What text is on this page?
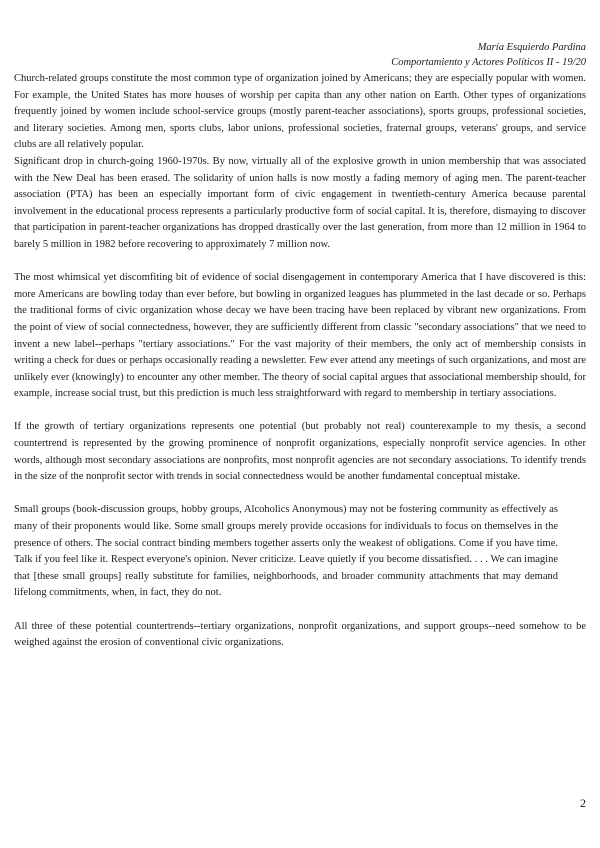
María Esquierdo Pardina
Comportamiento y Actores Políticos II - 19/20

Church-related groups constitute the most common type of organization joined by Americans; they are especially popular with women. For example, the United States has more houses of worship per capita than any other nation on Earth. Other types of organizations frequently joined by women include school-service groups (mostly parent-teacher associations), sports groups, professional societies, and literary societies. Among men, sports clubs, labor unions, professional societies, fraternal groups, veterans' groups, and service clubs are all relatively popular.

Significant drop in church-going 1960-1970s. By now, virtually all of the explosive growth in union membership that was associated with the New Deal has been erased. The solidarity of union halls is now mostly a fading memory of aging men. The parent-teacher association (PTA) has been an especially important form of civic engagement in twentieth-century America because parental involvement in the educational process represents a particularly productive form of social capital. It is, therefore, dismaying to discover that participation in parent-teacher organizations has dropped drastically over the last generation, from more than 12 million in 1964 to barely 5 million in 1982 before recovering to approximately 7 million now.

The most whimsical yet discomfiting bit of evidence of social disengagement in contemporary America that I have discovered is this: more Americans are bowling today than ever before, but bowling in organized leagues has plummeted in the last decade or so. Perhaps the traditional forms of civic organization whose decay we have been tracing have been replaced by vibrant new organizations. From the point of view of social connectedness, however, they are sufficiently different from classic "secondary associations" that we need to invent a new label--perhaps "tertiary associations." For the vast majority of their members, the only act of membership consists in writing a check for dues or perhaps occasionally reading a newsletter. Few ever attend any meetings of such organizations, and most are unlikely ever (knowingly) to encounter any other member. The theory of social capital argues that associational membership should, for example, increase social trust, but this prediction is much less straightforward with regard to membership in tertiary associations.

If the growth of tertiary organizations represents one potential (but probably not real) counterexample to my thesis, a second countertrend is represented by the growing prominence of nonprofit organizations, especially nonprofit service agencies. In other words, although most secondary associations are nonprofits, most nonprofit agencies are not secondary associations. To identify trends in the size of the nonprofit sector with trends in social connectedness would be another fundamental conceptual mistake.

Small groups (book-discussion groups, hobby groups, Alcoholics Anonymous) may not be fostering community as effectively as many of their proponents would like. Some small groups merely provide occasions for individuals to focus on themselves in the presence of others. The social contract binding members together asserts only the weakest of obligations. Come if you have time. Talk if you feel like it. Respect everyone's opinion. Never criticize. Leave quietly if you become dissatisfied. . . . We can imagine that [these small groups] really substitute for families, neighborhoods, and broader community attachments that may demand lifelong commitments, when, in fact, they do not.

All three of these potential countertrends--tertiary organizations, nonprofit organizations, and support groups--need somehow to be weighed against the erosion of conventional civic organizations.

2
